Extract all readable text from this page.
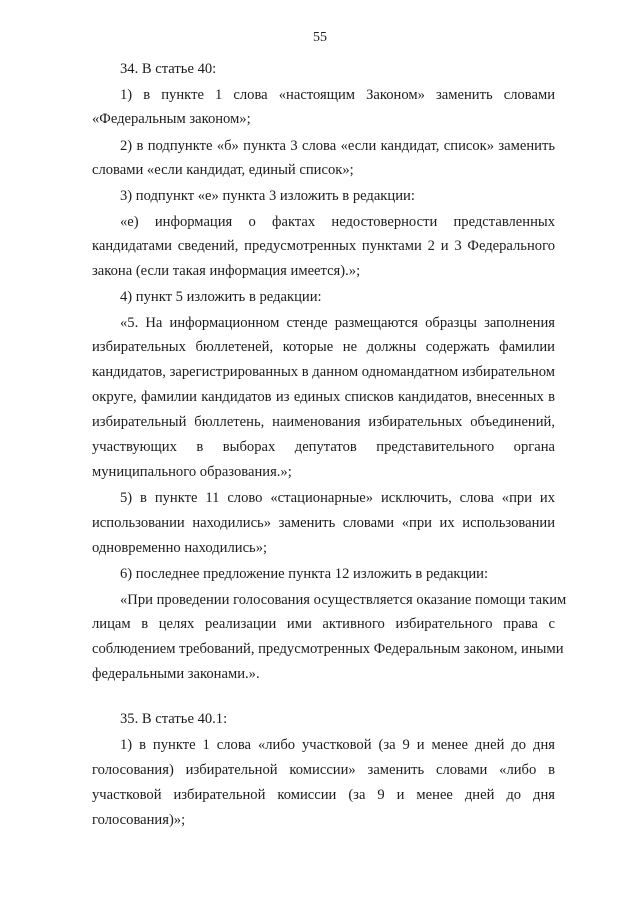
55
34. В статье 40:
1) в пункте 1 слова «настоящим Законом» заменить словами
«Федеральным законом»;
2) в подпункте «б» пункта 3 слова «если кандидат, список» заменить
словами «если кандидат, единый список»;
3) подпункт «е» пункта 3 изложить в редакции:
«е) информация о фактах недостоверности представленных
кандидатами сведений, предусмотренных пунктами 2 и 3 Федерального
закона (если такая информация имеется).»;
4) пункт 5 изложить в редакции:
«5. На информационном стенде размещаются образцы заполнения
избирательных бюллетеней, которые не должны содержать фамилии
кандидатов, зарегистрированных в данном одномандатном избирательном
округе, фамилии кандидатов из единых списков кандидатов, внесенных в
избирательный бюллетень, наименования избирательных объединений,
участвующих в выборах депутатов представительного органа
муниципального образования.»;
5) в пункте 11 слово «стационарные» исключить, слова «при их
использовании находились» заменить словами «при их использовании
одновременно находились»;
6) последнее предложение пункта 12 изложить в редакции:
«При проведении голосования осуществляется оказание помощи таким
лицам в целях реализации ими активного избирательного права с
соблюдением требований, предусмотренных Федеральным законом, иными
федеральными законами.».
35. В статье 40.1:
1) в пункте 1 слова «либо участковой (за 9 и менее дней до дня
голосования) избирательной комиссии» заменить словами «либо в
участковой избирательной комиссии (за 9 и менее дней до дня
голосования)»;
